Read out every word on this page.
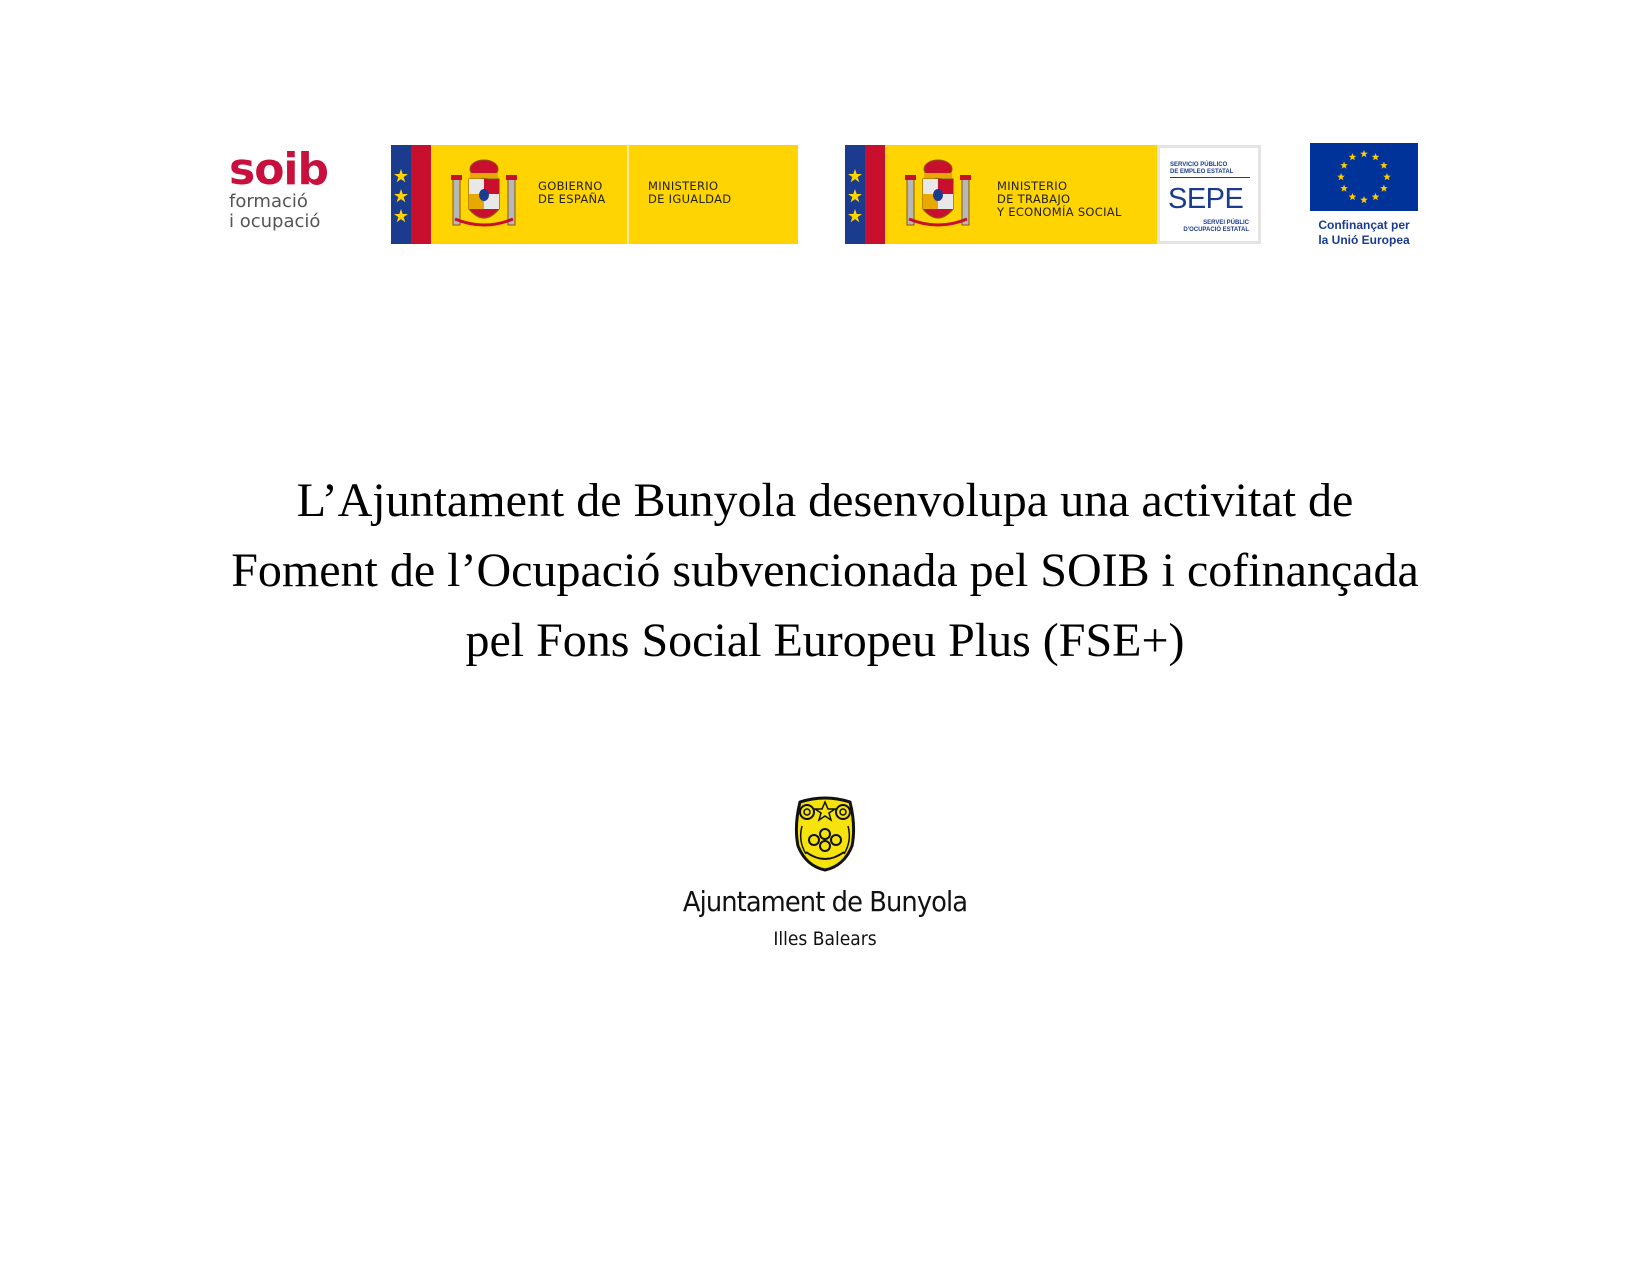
soib
formació
i ocupació
GOBIERNO
DE ESPAÑA
MINISTERIO
DE IGUALDAD
MINISTERIO
DE TRABAJO
Y ECONOMÍA SOCIAL
SERVICIO PÚBLICO
DE EMPLEO ESTATAL
SEPE
SERVEI PÚBLIC
D'OCUPACIÓ ESTATAL	Confinançat per
la Unió Europea
L’Ajuntament de Bunyola desenvolupa una activitat de
Foment de l’Ocupació subvencionada pel SOIB i cofinançada
pel Fons Social Europeu Plus (FSE+)
Ajuntament de Bunyola
Illes Balears
